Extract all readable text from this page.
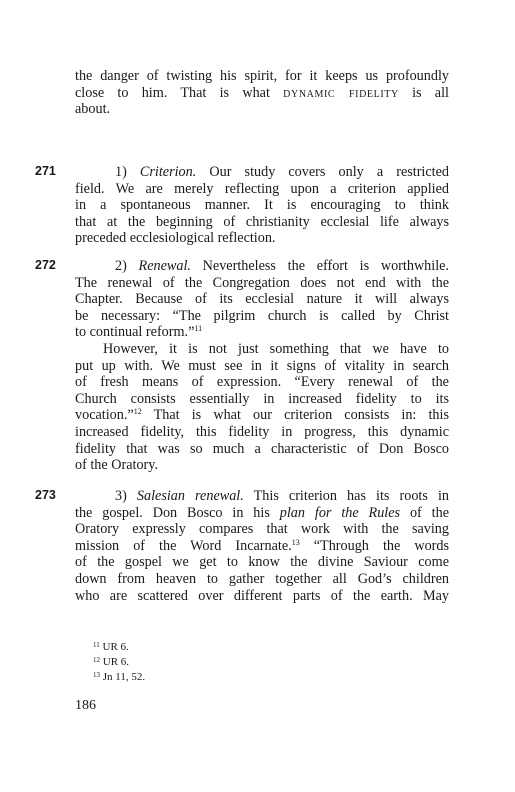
the danger of twisting his spirit, for it keeps us profoundly
close to him. That is what dynamic fidelity is all
about.
271	1) Criterion. Our study covers only a restricted
field. We are merely reflecting upon a criterion applied
in a spontaneous manner. It is encouraging to think
that at the beginning of christianity ecclesial life always
preceded ecclesiological reflection.
272	2) Renewal. Nevertheless the effort is worthwhile.
The renewal of the Congregation does not end with the
Chapter. Because of its ecclesial nature it will always
be necessary: “The pilgrim church is called by Christ
to continual reform.”$^{11}$
However, it is not just something that we have to
put up with. We must see in it signs of vitality in search
of fresh means of expression. “Every renewal of the
Church consists essentially in increased fidelity to its
vocation.”$^{12}$ That is what our criterion consists in: this
increased fidelity, this fidelity in progress, this dynamic
fidelity that was so much a characteristic of Don Bosco
of the Oratory.
273	3) Salesian renewal. This criterion has its roots in
the gospel. Don Bosco in his plan for the Rules of the
Oratory expressly compares that work with the saving
mission of the Word Incarnate.$^{13}$ “Through the words
of the gospel we get to know the divine Saviour come
down from heaven to gather together all God’s children
who are scattered over different parts of the earth. May
$^{11}$ UR 6.
$^{12}$ UR 6.
$^{13}$ Jn 11, 52.
186
